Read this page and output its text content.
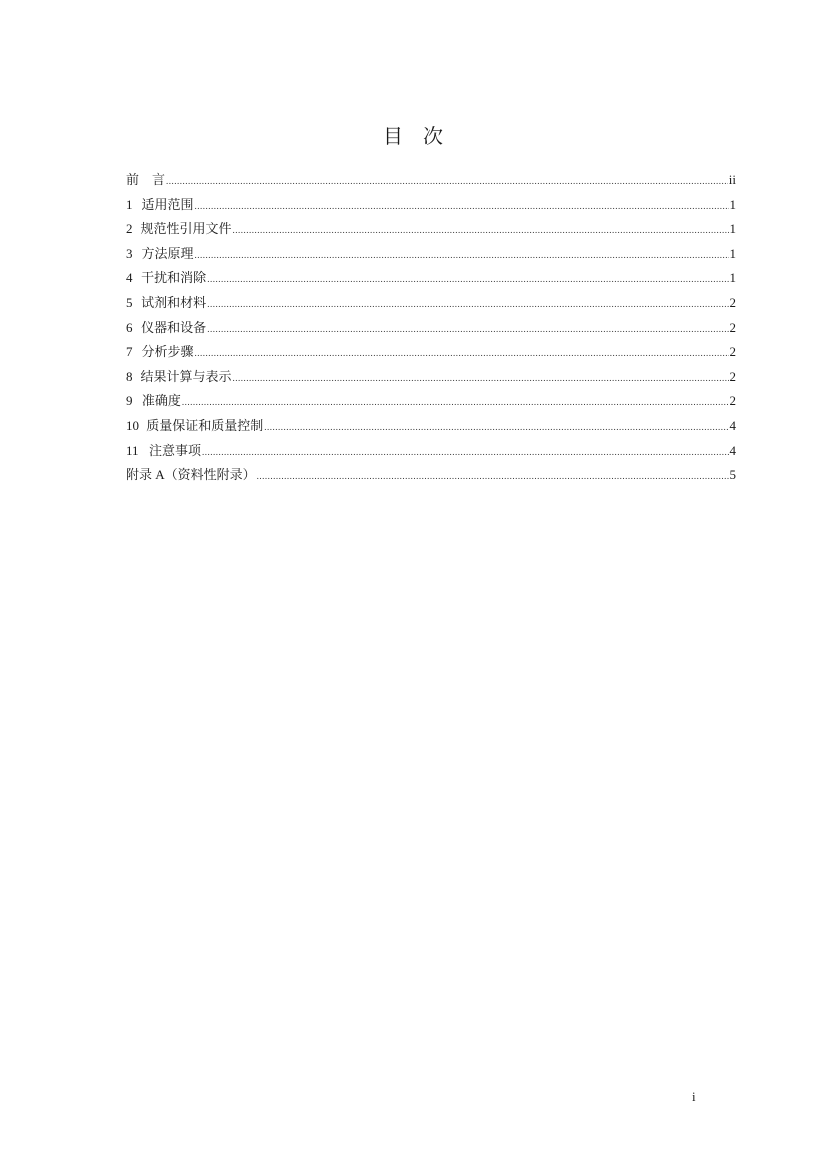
目　次
前　言 .....	ii
1 适用范围 .....	1
2 规范性引用文件 .....	1
3 方法原理 .....	1
4 干扰和消除 .....	1
5 试剂和材料 .....	2
6 仪器和设备 .....	2
7 分析步骤 .....	2
8 结果计算与表示 .....	2
9 准确度 .....	2
10 质量保证和质量控制 .....	4
11 注意事项 .....	4
附录 A（资料性附录） .....	5
i
